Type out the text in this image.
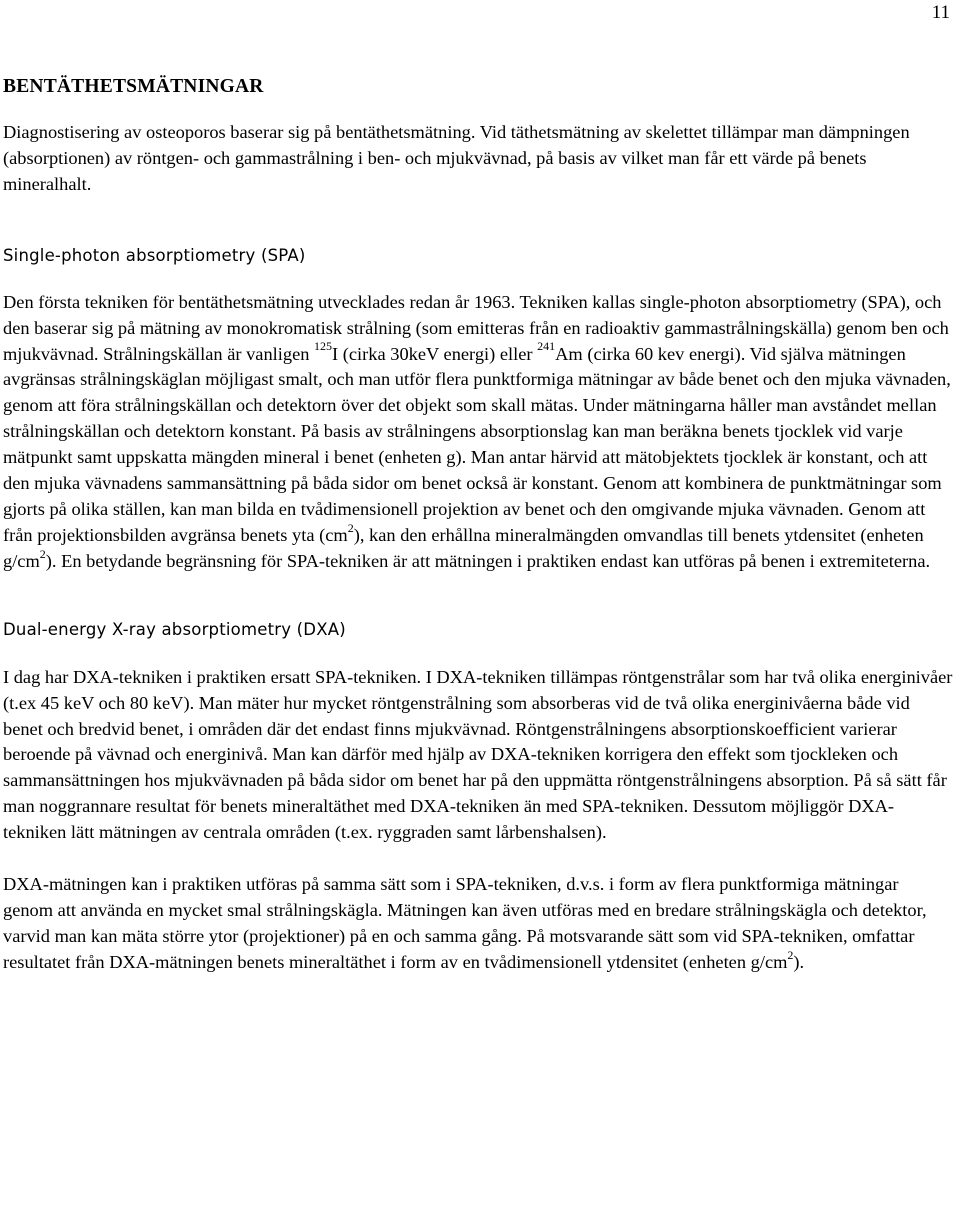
11
BENTÄTHETSMÄTNINGAR

Diagnostisering av osteoporos baserar sig på bentäthetsmätning. Vid täthetsmätning av skelettet tillämpar man dämpningen (absorptionen) av röntgen- och gammastrålning i ben- och mjukvävnad, på basis av vilket man får ett värde på benets mineralhalt.

Single-photon absorptiometry (SPA)

Den första tekniken för bentäthetsmätning utvecklades redan år 1963. Tekniken kallas single-photon absorptiometry (SPA), och den baserar sig på mätning av monokromatisk strålning (som emitteras från en radioaktiv gammastrålningskälla) genom ben och mjukvävnad. Strålningskällan är vanligen $^{125}$I (cirka 30keV energi) eller $^{241}$Am (cirka 60 kev energi). Vid själva mätningen avgränsas strålningskäglan möjligast smalt, och man utför flera punktformiga mätningar av både benet och den mjuka vävnaden, genom att föra strålningskällan och detektorn över det objekt som skall mätas. Under mätningarna håller man avståndet mellan strålningskällan och detektorn konstant. På basis av strålningens absorptionslag kan man beräkna benets tjocklek vid varje mätpunkt samt uppskatta mängden mineral i benet (enheten g). Man antar härvid att mätobjektets tjocklek är konstant, och att den mjuka vävnadens sammansättning på båda sidor om benet också är konstant. Genom att kombinera de punktmätningar som gjorts på olika ställen, kan man bilda en tvådimensionell projektion av benet och den omgivande mjuka vävnaden. Genom att från projektionsbilden avgränsa benets yta $(cm^2)$, kan den erhållna mineralmängden omvandlas till benets ytdensitet (enheten $g/cm^2$). En betydande begränsning för SPA-tekniken är att mätningen i praktiken endast kan utföras på benen i extremiteterna.

Dual-energy X-ray absorptiometry (DXA)

I dag har DXA-tekniken i praktiken ersatt SPA-tekniken. I DXA-tekniken tillämpas röntgenstrålar som har två olika energinivåer (t.ex 45 keV och 80 keV). Man mäter hur mycket röntgenstrålning som absorberas vid de två olika energinivåerna både vid benet och bredvid benet, i områden där det endast finns mjukvävnad. Röntgenstrålningens absorptionskoefficient varierar beroende på vävnad och energinivå. Man kan därför med hjälp av DXA-tekniken korrigera den effekt som tjockleken och sammansättningen hos mjukvävnaden på båda sidor om benet har på den uppmätta röntgenstrålningens absorption. På så sätt får man noggrannare resultat för benets mineraltäthet med DXA-tekniken än med SPA-tekniken. Dessutom möjliggör DXA-tekniken lätt mätningen av centrala områden (t.ex. ryggraden samt lårbenshalsen).

DXA-mätningen kan i praktiken utföras på samma sätt som i SPA-tekniken, d.v.s. i form av flera punktformiga mätningar genom att använda en mycket smal strålningskägla. Mätningen kan även utföras med en bredare strålningskägla och detektor, varvid man kan mäta större ytor (projektioner) på en och samma gång. På motsvarande sätt som vid SPA-tekniken, omfattar resultatet från DXA-mätningen benets mineraltäthet i form av en tvådimensionell ytdensitet (enheten $g/cm^2$).
